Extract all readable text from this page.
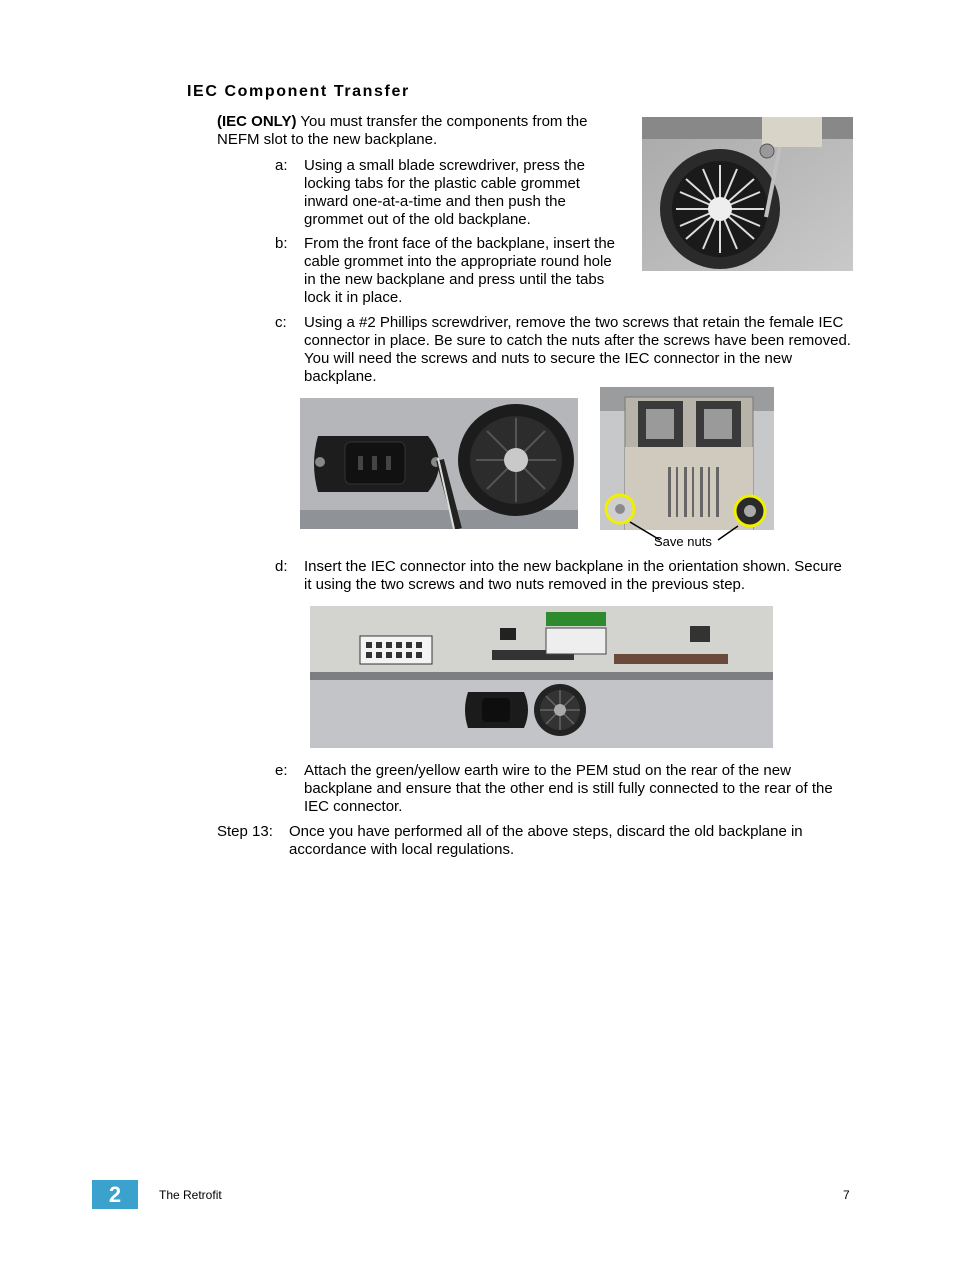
IEC Component Transfer
(IEC ONLY) You must transfer the components from the NEFM slot to the new backplane.
a: Using a small blade screwdriver, press the locking tabs for the plastic cable grommet inward one-at-a-time and then push the grommet out of the old backplane.
b: From the front face of the backplane, insert the cable grommet into the appropriate round hole in the new backplane and press until the tabs lock it in place.
c: Using a #2 Phillips screwdriver, remove the two screws that retain the female IEC connector in place. Be sure to catch the nuts after the screws have been removed. You will need the screws and nuts to secure the IEC connector in the new backplane.
Save nuts
d: Insert the IEC connector into the new backplane in the orientation shown. Secure it using the two screws and two nuts removed in the previous step.
e: Attach the green/yellow earth wire to the PEM stud on the rear of the new backplane and ensure that the other end is still fully connected to the rear of the IEC connector.
Step 13: Once you have performed all of the above steps, discard the old backplane in accordance with local regulations.
2	The Retrofit	7
